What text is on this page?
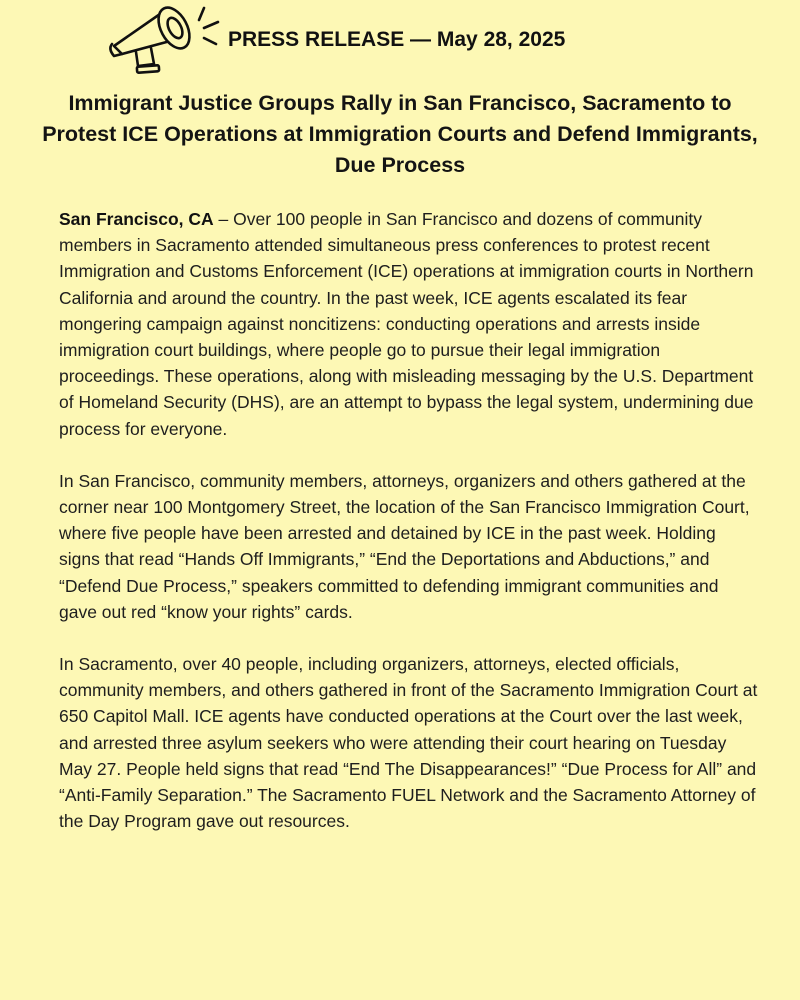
PRESS RELEASE — May 28, 2025
Immigrant Justice Groups Rally in San Francisco, Sacramento to Protest ICE Operations at Immigration Courts and Defend Immigrants, Due Process

San Francisco, CA – Over 100 people in San Francisco and dozens of community members in Sacramento attended simultaneous press conferences to protest recent Immigration and Customs Enforcement (ICE) operations at immigration courts in Northern California and around the country. In the past week, ICE agents escalated its fear mongering campaign against noncitizens: conducting operations and arrests inside immigration court buildings, where people go to pursue their legal immigration proceedings. These operations, along with misleading messaging by the U.S. Department of Homeland Security (DHS), are an attempt to bypass the legal system, undermining due process for everyone.

In San Francisco, community members, attorneys, organizers and others gathered at the corner near 100 Montgomery Street, the location of the San Francisco Immigration Court, where five people have been arrested and detained by ICE in the past week. Holding signs that read “Hands Off Immigrants,” “End the Deportations and Abductions,” and “Defend Due Process,” speakers committed to defending immigrant communities and gave out red “know your rights” cards.

In Sacramento, over 40 people, including organizers, attorneys, elected officials, community members, and others gathered in front of the Sacramento Immigration Court at 650 Capitol Mall. ICE agents have conducted operations at the Court over the last week, and arrested three asylum seekers who were attending their court hearing on Tuesday May 27. People held signs that read “End The Disappearances!” “Due Process for All” and “Anti-Family Separation.” The Sacramento FUEL Network and the Sacramento Attorney of the Day Program gave out resources.
